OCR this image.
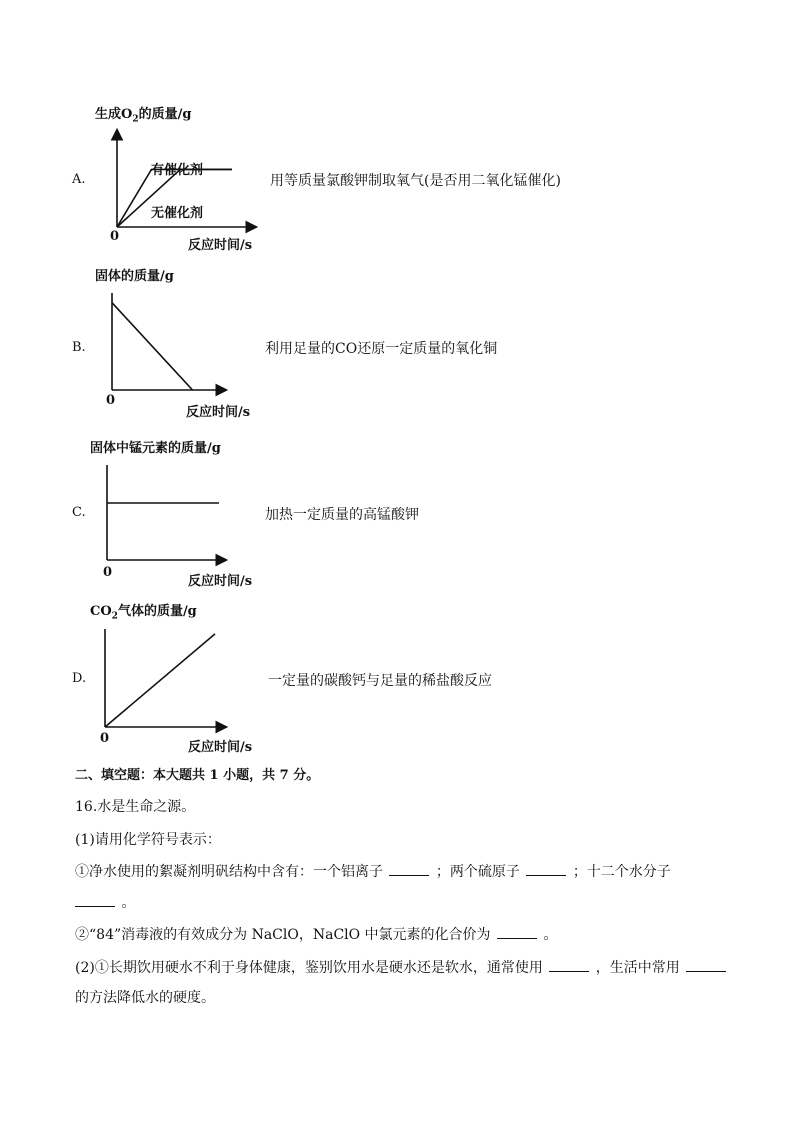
生成$O_2$的质量/g
A.
有催化剂
无催化剂
0
反应时间/s
用等质量氯酸钾制取氧气(是否用二氧化锰催化)
固体的质量/g
B.
0
反应时间/s
利用足量的CO还原一定质量的氧化铜
固体中锰元素的质量/g
C.
0
反应时间/s
加热一定质量的高锰酸钾
$CO_2$气体的质量/g
D.
0
反应时间/s
一定量的碳酸钙与足量的稀盐酸反应
二、填空题：本大题共 1 小题，共 7 分。
16.水是生命之源。
(1)请用化学符号表示：
①净水使用的絮凝剂明矾结构中含有：一个铝离子	；两个硫原子	；十二个水分子
。
②“84”消毒液的有效成分为 NaClO，NaClO 中氯元素的化合价为	。
(2)①长期饮用硬水不利于身体健康，鉴别饮用水是硬水还是软水，通常使用	，生活中常用
的方法降低水的硬度。
